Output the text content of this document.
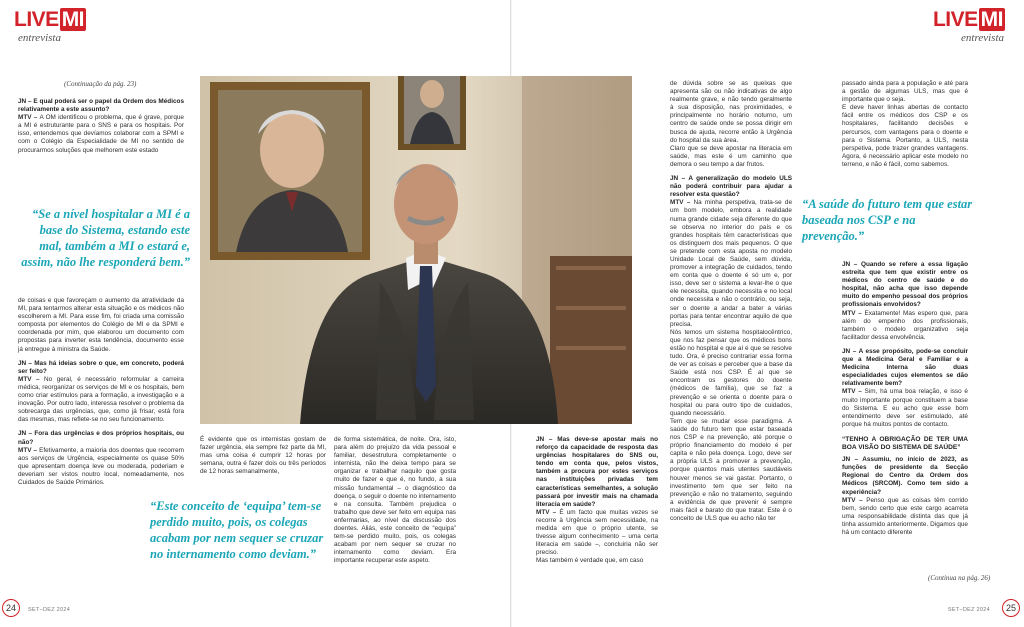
LIVE MI
entrevista
(Continuação da pág. 23)

JN – E qual poderá ser o papel da Ordem dos Médicos relativamente a este assunto?

MTV – A OM identificou o problema, que é grave, porque a MI é estruturante para o SNS e para os hospitais. Por isso, entendemos que devíamos colaborar com a SPMI e com o Colégio da Especialidade de MI no sentido de procurarmos soluções que melhorem este estado

“Se a nível hospitalar a MI é a base do Sistema, estando este mal, também a MI o estará e, assim, não lhe responderá bem.”

de coisas e que favoreçam o aumento da atratividade da MI, para tentarmos alterar esta situação e os médicos não escolherem a MI. Para esse fim, foi criada uma comissão composta por elementos do Colégio de MI e da SPMI e coordenada por mim, que elaborou um documento com propostas para inverter esta tendência, documento esse já entregue à ministra da Saúde.

JN – Mas há ideias sobre o que, em concreto, poderá ser feito?

MTV – No geral, é necessário reformular a carreira médica, reorganizar os serviços de MI e os hospitais, bem como criar estímulos para a formação, a investigação e a inovação. Por outro lado, interessa resolver o problema da sobrecarga das urgências, que, como já frisar, está fora das mesmas, mas reflete-se no seu funcionamento.

JN – Fora das urgências e dos próprios hospitais, ou não?

MTV – Efetivamente, a maioria dos doentes que recorrem aos serviços de Urgência, especialmente os quase 50% que apresentam doença leve ou moderada, poderiam e deveriam ser vistos noutro local, nomeadamente, nos Cuidados de Saúde Primários.

É evidente que os internistas gostam de fazer urgência, ela sempre fez parte da MI, mas uma coisa é cumprir 12 horas por semana, outra é fazer dois ou três períodos de 12 horas semanalmente,
“Este conceito de ‘equipa’ tem-se perdido muito, pois, os colegas acabam por nem sequer se cruzar no internamento como deviam.”
de forma sistemática, de noite. Ora, isto, para além do prejuízo da vida pessoal e familiar, desestrutura completamente o internista, não lhe deixa tempo para se organizar e trabalhar naquilo que gosta muito de fazer e que é, no fundo, a sua missão fundamental – o diagnóstico da doença, o seguir o doente no internamento e na consulta. Também prejudica o trabalho que deve ser feito em equipa nas enfermarias, ao nível da discussão dos doentes. Aliás, este conceito de “equipa” tem-se perdido muito, pois, os colegas acabam por nem sequer se cruzar no internamento como deviam. Era importante recuperar este aspeto.
24	SET–DEZ 2024
LIVE MI
entrevista

JN – Mas deve-se apostar mais no reforço da capacidade de resposta das urgências hospitalares do SNS ou, tendo em conta que, pelos vistos, também a procura por estes serviços nas instituições privadas tem características semelhantes, a solução passará por investir mais na chamada literacia em saúde?

MTV – É um facto que muitas vezes se recorre à Urgência sem necessidade, na medida em que o próprio utente, se tivesse algum conhecimento – uma certa literacia em saúde –, concluiria não ser preciso.

Mas também é verdade que, em caso

de dúvida sobre se as queixas que apresenta são ou não indicativas de algo realmente grave, e não tendo geralmente à sua disposição, nas proximidades, e principalmente no horário noturno, um centro de saúde onde se possa dirigir em busca de ajuda, recorre então à Urgência do hospital da sua área.

Claro que se deve apostar na literacia em saúde, mas este é um caminho que demora o seu tempo a dar frutos.

JN – A generalização do modelo ULS não poderá contribuir para ajudar a resolver esta questão?

MTV – Na minha perspetiva, trata-se de um bom modelo, embora a realidade numa grande cidade seja diferente do que se observa no interior do país e os grandes hospitais têm características que os distinguem dos mais pequenos. O que se pretende com esta aposta no modelo Unidade Local de Saúde, sem dúvida, promover a integração de cuidados, tendo em conta que o doente é só um e, por isso, deve ser o sistema a levar-lhe o que ele necessita, quando necessita e no local onde necessita e não o contrário, ou seja, ser o doente a andar a bater a várias portas para tentar encontrar aquilo de que precisa.

Nós temos um sistema hospitalocêntrico, que nos faz pensar que os médicos bons estão no hospital e que aí é que se resolve tudo. Ora, é preciso contrariar essa forma de ver as coisas e perceber que a base da Saúde está nos CSP. É aí que se encontram os gestores do doente (médicos de família), que se faz a prevenção e se orienta o doente para o hospital ou para outro tipo de cuidados, quando necessário.

Tem que se mudar esse paradigma. A saúde do futuro tem que estar baseada nos CSP e na prevenção, até porque o próprio financiamento do modelo é per capita e não pela doença. Logo, deve ser a própria ULS a promover a prevenção, porque quantos mais utentes saudáveis houver menos se vai gastar. Portanto, o investimento tem que ser feito na prevenção e não no tratamento, seguindo a evidência de que prevenir é sempre mais fácil e barato do que tratar. Este é o conceito de ULS que eu acho não ter

passado ainda para a população e até para a gestão de algumas ULS, mas que é importante que o seja.

E deve haver linhas abertas de contacto fácil entre os médicos dos CSP e os hospitalares, facilitando decisões e percursos, com vantagens para o doente e para o Sistema. Portanto, a ULS, nesta perspetiva, pode trazer grandes vantagens. Agora, é necessário aplicar este modelo no terreno, e não é fácil, como sabemos.

“A saúde do futuro tem que estar baseada nos CSP e na prevenção.”

JN – Quando se refere a essa ligação estreita que tem que existir entre os médicos do centro de saúde e do hospital, não acha que isso depende muito do empenho pessoal dos próprios profissionais envolvidos?

MTV – Exatamente! Mas espero que, para além do empenho dos profissionais, também o modelo organizativo seja facilitador dessa envolvência.

JN – A esse propósito, pode-se concluir que a Medicina Geral e Familiar e a Medicina Interna são duas especialidades cujos elementos se dão relativamente bem?

MTV – Sim, há uma boa relação, e isso é muito importante porque constituem a base do Sistema. E eu acho que esse bom entendimento deve ser estimulado, até porque há muitos pontos de contacto.

“TENHO A OBRIGAÇÃO DE TER UMA BOA VISÃO DO SISTEMA DE SAÚDE”

JN – Assumiu, no início de 2023, as funções de presidente da Secção Regional do Centro da Ordem dos Médicos (SRCOM). Como tem sido a experiência?

MTV – Penso que as coisas têm corrido bem, sendo certo que este cargo acarreta uma responsabilidade distinta das que já tinha assumido anteriormente. Digamos que há um contacto diferente

(Continua na pág. 26)
SET–DEZ 2024	25
